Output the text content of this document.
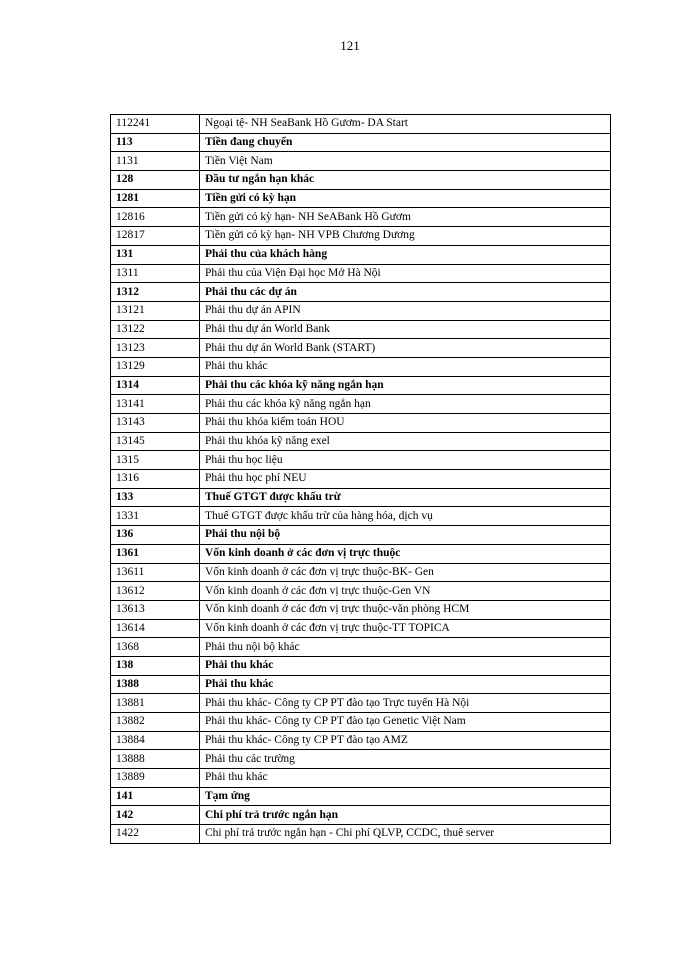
121
112241	Ngoại tệ- NH SeaBank Hồ Gươm- DA Start
113	Tiền đang chuyển
1131	Tiền Việt Nam
128	Đầu tư ngắn hạn khác
1281	Tiền gửi có kỳ hạn
12816	Tiền gửi có kỳ hạn- NH SeABank Hồ Gươm
12817	Tiền gửi có kỳ hạn- NH VPB Chương Dương
131	Phải thu của khách hàng
1311	Phải thu của Viện Đại học Mở Hà Nội
1312	Phải thu các dự án
13121	Phải thu dự án APIN
13122	Phải thu dự án World Bank
13123	Phải thu dự án World Bank (START)
13129	Phải thu khác
1314	Phải thu các khóa kỹ năng ngắn hạn
13141	Phải thu các khóa kỹ năng ngắn hạn
13143	Phải thu khóa kiểm toán HOU
13145	Phải thu khóa kỹ năng exel
1315	Phải thu học liệu
1316	Phải thu học phí NEU
133	Thuế GTGT được khấu trừ
1331	Thuế GTGT được khấu trừ của hàng hóa, dịch vụ
136	Phải thu nội bộ
1361	Vốn kinh doanh ở các đơn vị trực thuộc
13611	Vốn kinh doanh ở các đơn vị trực thuộc-BK- Gen
13612	Vốn kinh doanh ở các đơn vị trực thuộc-Gen VN
13613	Vốn kinh doanh ở các đơn vị trực thuộc-văn phòng HCM
13614	Vốn kinh doanh ở các đơn vị trực thuộc-TT TOPICA
1368	Phải thu nội bộ khác
138	Phải thu khác
1388	Phải thu khác
13881	Phải thu khác- Công ty CP PT đào tạo Trực tuyến Hà Nội
13882	Phải thu khác- Công ty CP PT đào tạo Genetic Việt Nam
13884	Phải thu khác- Công ty CP PT đào tạo AMZ
13888	Phải thu các trường
13889	Phải thu khác
141	Tạm ứng
142	Chi phí trả trước ngắn hạn
1422	Chi phí trả trước ngắn hạn - Chi phí QLVP, CCDC, thuê server
